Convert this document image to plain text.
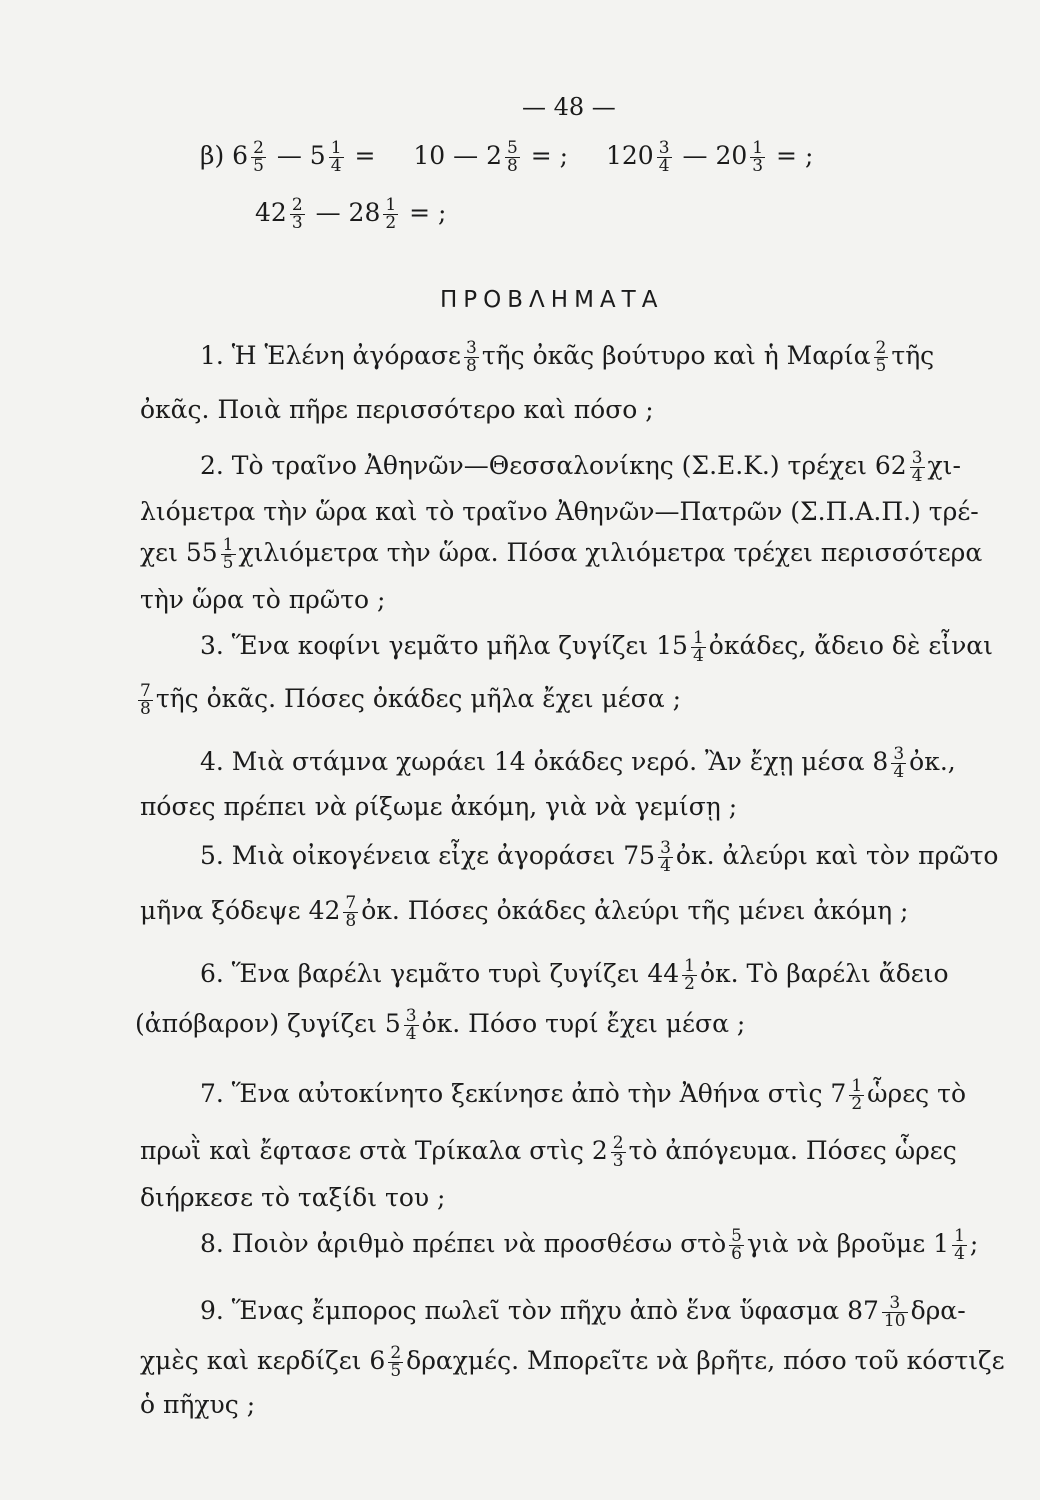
— 48 —
β) $6 \frac{2}{5}$ — $5 \frac{1}{4} = 10$ — $2 \frac{5}{8}$ = ; $120 \frac{3}{4}$ — $20 \frac{1}{3}$ = ;
$42 \frac{2}{3}$ — $28 \frac{1}{2}$ = ;
ΠΡΟΒΛΗΜΑΤΑ
1. Ἡ Ἑλένη ἀγόρασε $\frac{3}{8}$ τῆς ὀκᾶς βούτυρο καὶ ἡ Μαρία $\frac{2}{5}$ τῆς
ὀκᾶς. Ποιὰ πῆρε περισσότερο καὶ πόσο ;
2. Τὸ τραῖνο Ἀθηνῶν—Θεσσαλονίκης (Σ.Ε.Κ.) τρέχει $62 \frac{3}{4} \chi\iota-$
λιόμετρα τὴν ὥρα καὶ τὸ τραῖνο Ἀθηνῶν—Πατρῶν (Σ.Π.Α.Π.) τρέ-
χει $55 \frac{1}{5}$ χιλιόμετρα τὴν ὥρα. Πόσα χιλιόμετρα τρέχει περισσότερα
τὴν ὥρα τὸ πρῶτο ;
3. Ἕνα κοφίνι γεμᾶτο μῆλα ζυγίζει $15 \frac{1}{4}$ ὀκάδες, ἄδειο δὲ εἶναι
$\frac{7}{8}$ τῆς ὀκᾶς. Πόσες ὀκάδες μῆλα ἔχει μέσα ;
4. Μιὰ στάμνα χωράει 14 ὀκάδες νερό. Ἂν ἔχῃ μέσα $8 \frac{3}{4}$ ὀκ.,
πόσες πρέπει νὰ ρίξωμε ἀκόμη, γιὰ νὰ γεμίσῃ ;
5. Μιὰ οἰκογένεια εἶχε ἀγοράσει $75 \frac{3}{4}$ ὀκ. ἀλεύρι καὶ τὸν πρῶτο
μῆνα ξόδεψε $42 \frac{7}{8}$ ὀκ. Πόσες ὀκάδες ἀλεύρι τῆς μένει ἀκόμη ;
6. Ἕνα βαρέλι γεμᾶτο τυρὶ ζυγίζει $44 \frac{1}{2}$ ὀκ. Τὸ βαρέλι ἄδειο
(ἀπόβαρον) ζυγίζει $5 \frac{3}{4}$ ὀκ. Πόσο τυρί ἔχει μέσα ;
7. Ἕνα αὐτοκίνητο ξεκίνησε ἀπὸ τὴν Ἀθήνα στὶς $7 \frac{1}{2}$ ὧρες τὸ
πρωῒ καὶ ἔφτασε στὰ Τρίκαλα στὶς $2 \frac{2}{3}$ τὸ ἀπόγευμα. Πόσες ὧρες
διήρκεσε τὸ ταξίδι του ;
8. Ποιὸν ἀριθμὸ πρέπει νὰ προσθέσω στὸ $\frac{5}{6}$ γιὰ νὰ βροῦμε $1 \frac{1}{4}$ ;
9. Ἕνας ἔμπορος πωλεῖ τὸν πῆχυ ἀπὸ ἕνα ὕφασμα $87 \frac{3}{10} \delta\rho\alpha-$
χμὲς καὶ κερδίζει $6 \frac{2}{5} \delta\rho\alpha\chi\mu έ\varsigma$. Μπορεῖτε νὰ βρῆτε, πόσο τοῦ κόστιζε
ὁ πῆχυς ;
